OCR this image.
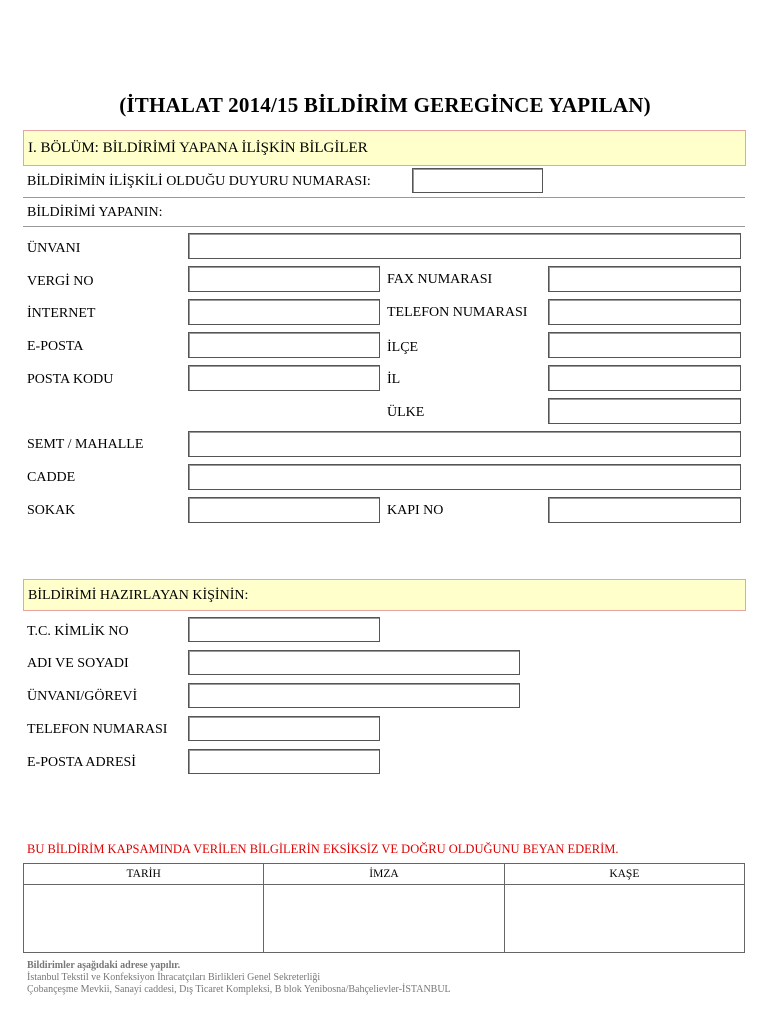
(İTHALAT 2014/15 BİLDİRİM GEREGİNCE YAPILAN)
I. BÖLÜM: BİLDİRİMİ YAPANA İLİŞKİN BİLGİLER
BİLDİRİMİN İLİŞKİLİ OLDUĞU DUYURU NUMARASI:
BİLDİRİMİ YAPANIN:
ÜNVANI
VERGİ NO	FAX NUMARASI
İNTERNET	TELEFON NUMARASI
E-POSTA	İLÇE
POSTA KODU	İL
ÜLKE
SEMT / MAHALLE
CADDE
SOKAK	KAPI NO
BİLDİRİMİ HAZIRLAYAN KİŞİNİN:
T.C. KİMLİK NO
ADI VE SOYADI
ÜNVANI/GÖREVİ
TELEFON NUMARASI
E-POSTA ADRESİ
BU BİLDİRİM KAPSAMINDA VERİLEN BİLGİLERİN EKSİKSİZ VE DOĞRU OLDUĞUNU BEYAN EDERİM.
TARİH	İMZA	KAŞE

Bildirimler aşağıdaki adrese yapılır.
İstanbul Tekstil ve Konfeksiyon İhracatçıları Birlikleri Genel Sekreterliği
Çobançeşme Mevkii, Sanayi caddesi, Dış Ticaret Kompleksi, B blok Yenibosna/Bahçelievler-İSTANBUL
